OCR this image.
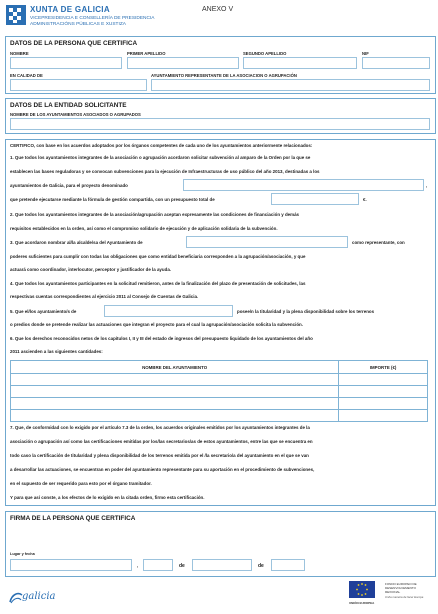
XUNTA DE GALICIA
VICEPRESIDENCIA E CONSELLERÍA DE PRESIDENCIA
ADMINISTRACIÓNS PÚBLICAS E XUSTIZA
ANEXO V
DATOS DE LA PERSONA QUE CERTIFICA
NOMBRE	PRIMER APELLIDO	SEGUNDO APELLIDO	NIF
EN CALIDAD DE	AYUNTAMIENTO REPRESENTANTE DE LA ASOCIACION O AGRUPACIÓN
DATOS DE LA ENTIDAD SOLICITANTE
NOMBRE DE LOS AYUNTAMIENTOS ASOCIADOS O AGRUPADOS
CERTIFICO, con base en los acuerdos adoptados por los órganos competentes de cada uno de los ayuntamientos anteriormente relacionados:
1. Que todos los ayuntamientos integrantes de la asociación o agrupación acordaron solicitar subvención al amparo de la Orden por la que se
establecen las bases reguladoras y se convocan subvenciones para la ejecución de Infraestructuras de uso público del año 2013, destinadas a los
ayuntamientos de Galicia, para el proyecto denominado	,
que pretende ejecutarse mediante la fórmula de gestión compartida, con un presupuesto total de	€.
2. Que todos los ayuntamientos integrantes de la asociación/agrupación aceptan expresamente las condiciones de financiación y demás
requisitos establecidos en la orden, así como el compromiso solidario de ejecución y de aplicación solidaria de la subvención.
3. Que acordaron nombrar al/la alcalde/sa del Ayuntamiento de	como representante, con
poderes suficientes para cumplir con todas las obligaciones que como entidad beneficiaria corresponden a la agrupación/asociación, y que
actuará como coordinador, interlocutor, perceptor y justificador de la ayuda.
4. Que todos los ayuntamientos participantes en la solicitud remitieron, antes de la finalización del plazo de presentación de solicitudes, las
respectivas cuentas correspondientes al ejercicio 2011 al Consejo de Cuentas de Galicia.
5. Que el/los ayuntamiento/s de	posee/n la titularidad y la plena disponibilidad sobre los terrenos
o predios donde se pretende realizar las actuaciones que integran el proyecto para el cual la agrupación/asociación solicita la subvención.
6. Que los derechos reconocidos netos de los capítulos I, II y III del estado de ingresos del presupuesto liquidado de los ayuntamientos del año
2011 ascienden a las siguientes cantidades:
NOMBRE DEL AYUNTAMIENTO	IMPORTE (€)

7. Que, de conformidad con lo exigido por el artículo 7.3 de la orden, los acuerdos originales emitidos por los ayuntamientos integrantes de la
asociación o agrupación así como las certificaciones emitidas por los/las secretarios/as de estos ayuntamientos, entre las que se encuentra en
todo caso la certificación de titularidad y plena disponibilidad de los terrenos emitida por el /la secretario/a del ayuntamiento en el que se van
a desarrollar las actuaciones, se encuentran en poder del ayuntamiento representante para su aportación en el procedimiento de subvenciones,
en el supuesto de ser requerido para esto por el órgano tramitador.
Y para que así conste, a los efectos de lo exigido en la citada orden, firmo esta certificación.
FIRMA DE LA PERSONA QUE CERTIFICA
Lugar y fecha
,	de	de
galicia
FONDO EUROPEO DE
DESENVOLVEMENTO
REXIONAL
Unha maneira de facer Europa
UNIÓN EUROPEA
